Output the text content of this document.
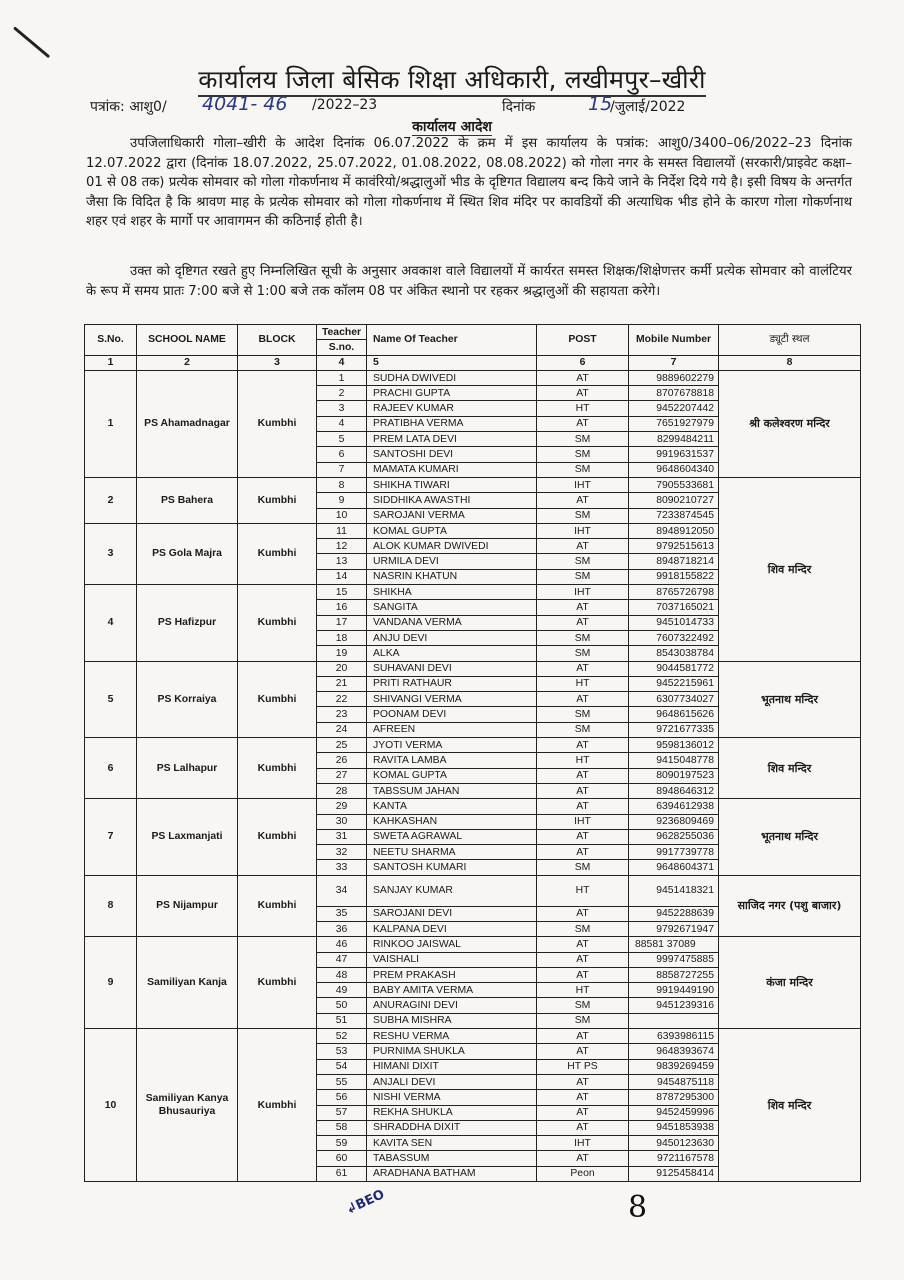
कार्यालय जिला बेसिक शिक्षा अधिकारी, लखीमपुर–खीरी
पत्रांक: आशु0/ 4041- 46 /2022–23	दिनांक	15
/जुलाई/2022
कार्यालय आदेश
उपजिलाधिकारी गोला–खीरी के आदेश दिनांक 06.07.2022 के क्रम में इस कार्यालय के पत्रांक: आशु0/3400–06/2022–23 दिनांक 12.07.2022 द्वारा (दिनांक 18.07.2022, 25.07.2022, 01.08.2022, 08.08.2022) को गोला नगर के समस्त विद्यालयों (सरकारी/प्राइवेट कक्षा–01 से 08 तक) प्रत्येक सोमवार को गोला गोकर्णनाथ में कावंरियो/श्रद्धालुओं भीड के दृष्टिगत विद्यालय बन्द किये जाने के निर्देश दिये गये है। इसी विषय के अन्तर्गत जैसा कि विदित है कि श्रावण माह के प्रत्येक सोमवार को गोला गोकर्णनाथ में स्थित शिव मंदिर पर कावडियों की अत्याधिक भीड होने के कारण गोला गोकर्णनाथ शहर एवं शहर के मार्गो पर आवागमन की कठिनाई होती है।
उक्त को दृष्टिगत रखते हुए निम्नलिखित सूची के अनुसार अवकाश वाले विद्यालयों में कार्यरत समस्त शिक्षक/शिक्षेणत्तर कर्मी प्रत्येक सोमवार को वालंटियर के रूप में समय प्रातः 7:00 बजे से 1:00 बजे तक कॉलम 08 पर अंकित स्थानो पर रहकर श्रद्धालुओं की सहायता करेगे।
S.No.	SCHOOL NAME	BLOCK	Teacher	Name Of Teacher	POST	Mobile Number	ड्यूटी स्थल
			S.no.				
1	2	3	4	5	6	7	8
1	PS Ahamadnagar	Kumbhi	1	SUDHA DWIVEDI	AT	9889602279	श्री कलेश्वरण मन्दिर
			2	PRACHI GUPTA	AT	8707678818	
			3	RAJEEV KUMAR	HT	9452207442	
			4	PRATIBHA VERMA	AT	7651927979	
			5	PREM LATA DEVI	SM	8299484211	
			6	SANTOSHI DEVI	SM	9919631537	
			7	MAMATA KUMARI	SM	9648604340	
2	PS Bahera	Kumbhi	8	SHIKHA TIWARI	IHT	7905533681	शिव मन्दिर
			9	SIDDHIKA AWASTHI	AT	8090210727	
			10	SAROJANI VERMA	SM	7233874545	
3	PS Gola Majra	Kumbhi	11	KOMAL GUPTA	IHT	8948912050	
			12	ALOK KUMAR DWIVEDI	AT	9792515613	
			13	URMILA DEVI	SM	8948718214	
			14	NASRIN KHATUN	SM	9918155822	
4	PS Hafizpur	Kumbhi	15	SHIKHA	IHT	8765726798	
			16	SANGITA	AT	7037165021	
			17	VANDANA VERMA	AT	9451014733	
			18	ANJU DEVI	SM	7607322492	
			19	ALKA	SM	8543038784	
5	PS Korraiya	Kumbhi	20	SUHAVANI DEVI	AT	9044581772	भूतनाथ मन्दिर
			21	PRITI RATHAUR	HT	9452215961	
			22	SHIVANGI VERMA	AT	6307734027	
			23	POONAM DEVI	SM	9648615626	
			24	AFREEN	SM	9721677335	
6	PS Lalhapur	Kumbhi	25	JYOTI VERMA	AT	9598136012	शिव मन्दिर
			26	RAVITA LAMBA	HT	9415048778	
			27	KOMAL GUPTA	AT	8090197523	
			28	TABSSUM JAHAN	AT	8948646312	
7	PS Laxmanjati	Kumbhi	29	KANTA	AT	6394612938	भूतनाथ मन्दिर
			30	KAHKASHAN	IHT	9236809469	
			31	SWETA AGRAWAL	AT	9628255036	
			32	NEETU SHARMA	AT	9917739778	
			33	SANTOSH KUMARI	SM	9648604371	
8	PS Nijampur	Kumbhi	34	SANJAY KUMAR	HT	9451418321	साजिद नगर (पशु बाजार)
			35	SAROJANI DEVI	AT	9452288639	
			36	KALPANA DEVI	SM	9792671947	
9	Samiliyan Kanja	Kumbhi	46	RINKOO JAISWAL	AT	88581 37089	कंजा मन्दिर
			47	VAISHALI	AT	9997475885	
			48	PREM PRAKASH	AT	8858727255	
			49	BABY AMITA VERMA	HT	9919449190	
			50	ANURAGINI DEVI	SM	9451239316	
			51	SUBHA MISHRA	SM		
10	Samiliyan Kanya Bhusauriya	Kumbhi	52	RESHU VERMA	AT	6393986115	शिव मन्दिर
			53	PURNIMA SHUKLA	AT	9648393674	
			54	HIMANI DIXIT	HT PS	9839269459	
			55	ANJALI DEVI	AT	9454875118	
			56	NISHI VERMA	AT	8787295300	
			57	REKHA SHUKLA	AT	9452459996	
			58	SHRADDHA DIXIT	AT	9451853938	
			59	KAVITA SEN	IHT	9450123630	
			60	TABASSUM	AT	9721167578	
			61	ARADHANA BATHAM	Peon	9125458414	
↲BEO	8
